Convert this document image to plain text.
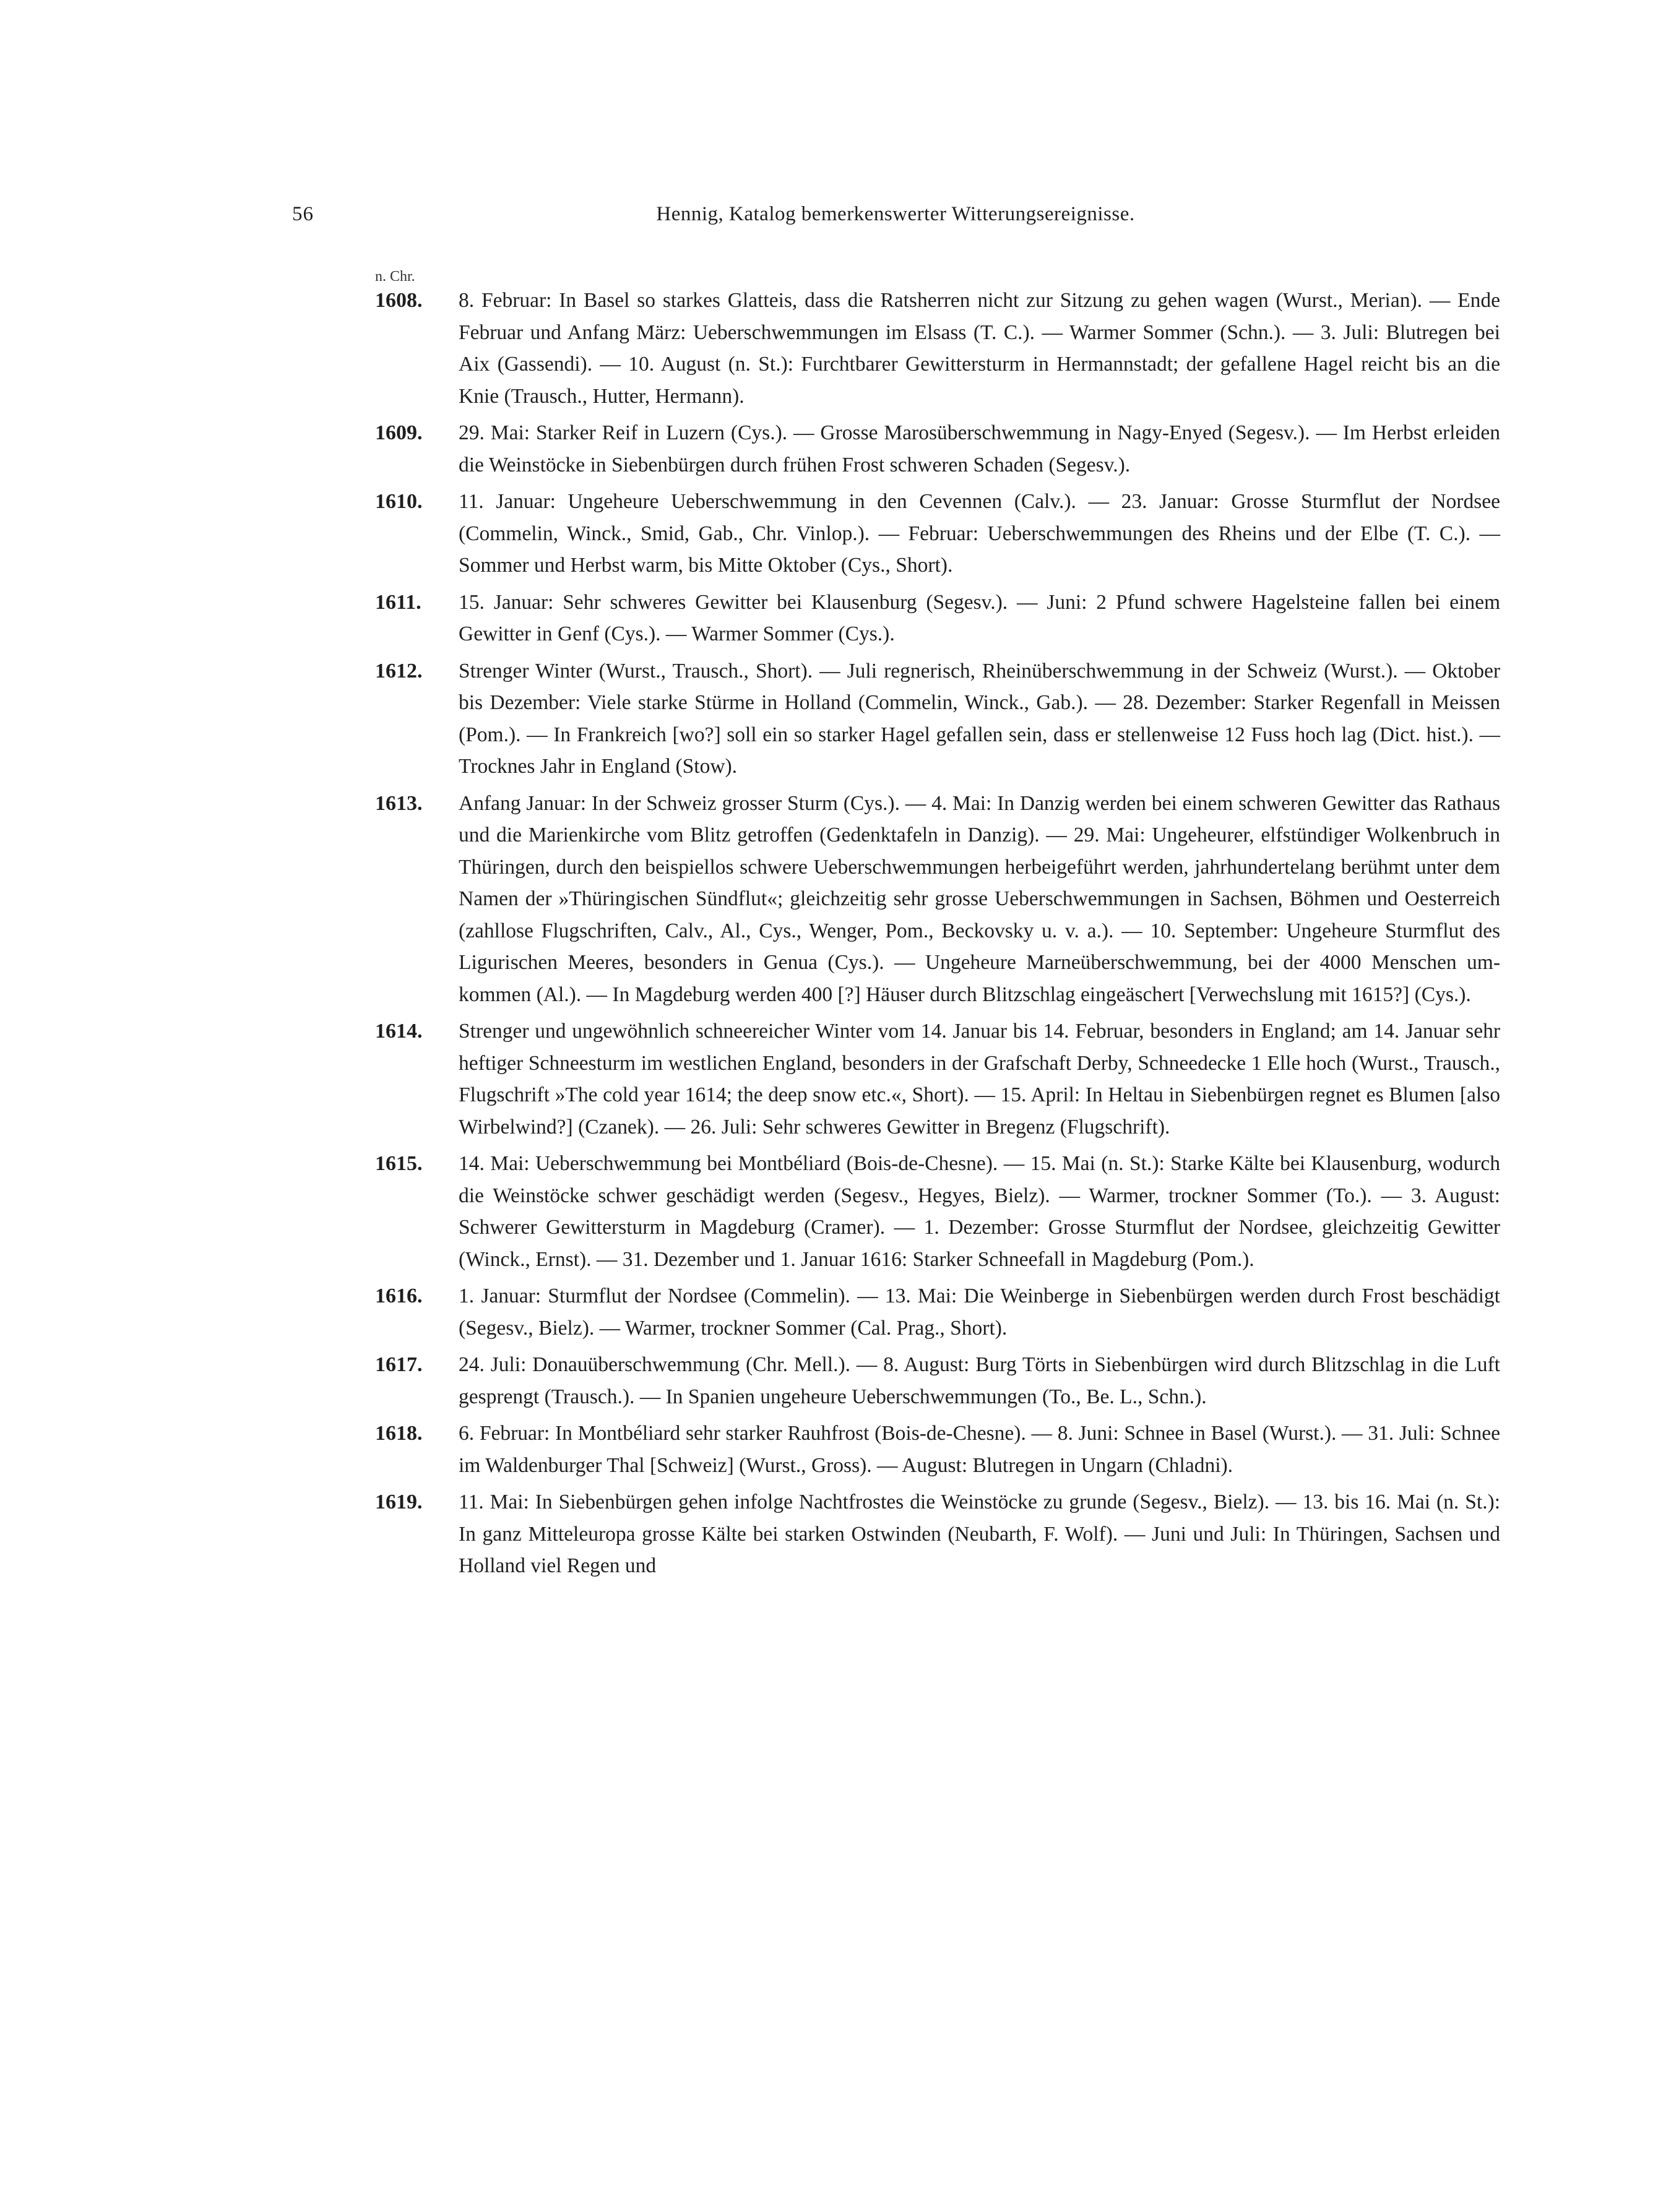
56	Hennig, Katalog bemerkenswerter Witterungsereignisse.
n. Chr.
1608.	8. Februar: In Basel so starkes Glatteis, dass die Ratsherren nicht zur Sitzung zu gehen wagen (Wurst., Merian). — Ende Februar und Anfang März: Ueberschwemmungen im Elsass (T. C.). — Warmer Sommer (Schn.). — 3. Juli: Blutregen bei Aix (Gassendi). — 10. August (n. St.): Furchtbarer Gewittersturm in Hermannstadt; der gefallene Hagel reicht bis an die Knie (Trausch., Hutter, Hermann).
1609.	29. Mai: Starker Reif in Luzern (Cys.). — Grosse Marosüberschwemmung in Nagy-Enyed (Segesv.). — Im Herbst erleiden die Weinstöcke in Siebenbürgen durch frühen Frost schweren Schaden (Segesv.).
1610.	11. Januar: Ungeheure Ueberschwemmung in den Cevennen (Calv.). — 23. Januar: Grosse Sturmflut der Nordsee (Commelin, Winck., Smid, Gab., Chr. Vinlop.). — Februar: Ueberschwemmungen des Rheins und der Elbe (T. C.). — Sommer und Herbst warm, bis Mitte Oktober (Cys., Short).
1611.	15. Januar: Sehr schweres Gewitter bei Klausenburg (Segesv.). — Juni: 2 Pfund schwere Hagelsteine fallen bei einem Gewitter in Genf (Cys.). — Warmer Sommer (Cys.).
1612.	Strenger Winter (Wurst., Trausch., Short). — Juli regnerisch, Rheinüberschwemmung in der Schweiz (Wurst.). — Oktober bis Dezember: Viele starke Stürme in Holland (Commelin, Winck., Gab.). — 28. Dezember: Starker Regenfall in Meissen (Pom.). — In Frankreich [wo?] soll ein so starker Hagel gefallen sein, dass er stellenweise 12 Fuss hoch lag (Dict. hist.). — Trocknes Jahr in England (Stow).
1613.	Anfang Januar: In der Schweiz grosser Sturm (Cys.). — 4. Mai: In Danzig werden bei einem schweren Gewitter das Rathaus und die Marienkirche vom Blitz getroffen (Gedenktafeln in Danzig). — 29. Mai: Ungeheurer, elfstündiger Wolkenbruch in Thüringen, durch den beispiellos schwere Ueberschwemmungen herbeigeführt werden, jahrhundertelang berühmt unter dem Namen der »Thüringischen Sündflut«; gleichzeitig sehr grosse Ueberschwemmungen in Sachsen, Böhmen und Oesterreich (zahllose Flugschriften, Calv., Al., Cys., Wenger, Pom., Beckovsky u. v. a.). — 10. September: Ungeheure Sturmflut des Ligurischen Meeres, besonders in Genua (Cys.). — Ungeheure Marneüberschwemmung, bei der 4000 Menschen umkommen (Al.). — In Magdeburg werden 400 [?] Häuser durch Blitzschlag eingeäschert [Verwechslung mit 1615?] (Cys.).
1614.	Strenger und ungewöhnlich schneereicher Winter vom 14. Januar bis 14. Februar, besonders in England; am 14. Januar sehr heftiger Schneesturm im westlichen England, besonders in der Grafschaft Derby, Schneedecke 1 Elle hoch (Wurst., Trausch., Flugschrift »The cold year 1614; the deep snow etc.«, Short). — 15. April: In Heltau in Siebenbürgen regnet es Blumen [also Wirbelwind?] (Czanek). — 26. Juli: Sehr schweres Gewitter in Bregenz (Flugschrift).
1615.	14. Mai: Ueberschwemmung bei Montbéliard (Bois-de-Chesne). — 15. Mai (n. St.): Starke Kälte bei Klausenburg, wodurch die Weinstöcke schwer geschädigt werden (Segesv., Hegyes, Bielz). — Warmer, trockner Sommer (To.). — 3. August: Schwerer Gewittersturm in Magdeburg (Cramer). — 1. Dezember: Grosse Sturmflut der Nordsee, gleichzeitig Gewitter (Winck., Ernst). — 31. Dezember und 1. Januar 1616: Starker Schneefall in Magdeburg (Pom.).
1616.	1. Januar: Sturmflut der Nordsee (Commelin). — 13. Mai: Die Weinberge in Siebenbürgen werden durch Frost beschädigt (Segesv., Bielz). — Warmer, trockner Sommer (Cal. Prag., Short).
1617.	24. Juli: Donauüberschwemmung (Chr. Mell.). — 8. August: Burg Törts in Siebenbürgen wird durch Blitzschlag in die Luft gesprengt (Trausch.). — In Spanien ungeheure Ueberschwemmungen (To., Be. L., Schn.).
1618.	6. Februar: In Montbéliard sehr starker Rauhfrost (Bois-de-Chesne). — 8. Juni: Schnee in Basel (Wurst.). — 31. Juli: Schnee im Waldenburger Thal [Schweiz] (Wurst., Gross). — August: Blutregen in Ungarn (Chladni).
1619.	11. Mai: In Siebenbürgen gehen infolge Nachtfrostes die Weinstöcke zu grunde (Segesv., Bielz). — 13. bis 16. Mai (n. St.): In ganz Mitteleuropa grosse Kälte bei starken Ostwinden (Neubarth, F. Wolf). — Juni und Juli: In Thüringen, Sachsen und Holland viel Regen und
